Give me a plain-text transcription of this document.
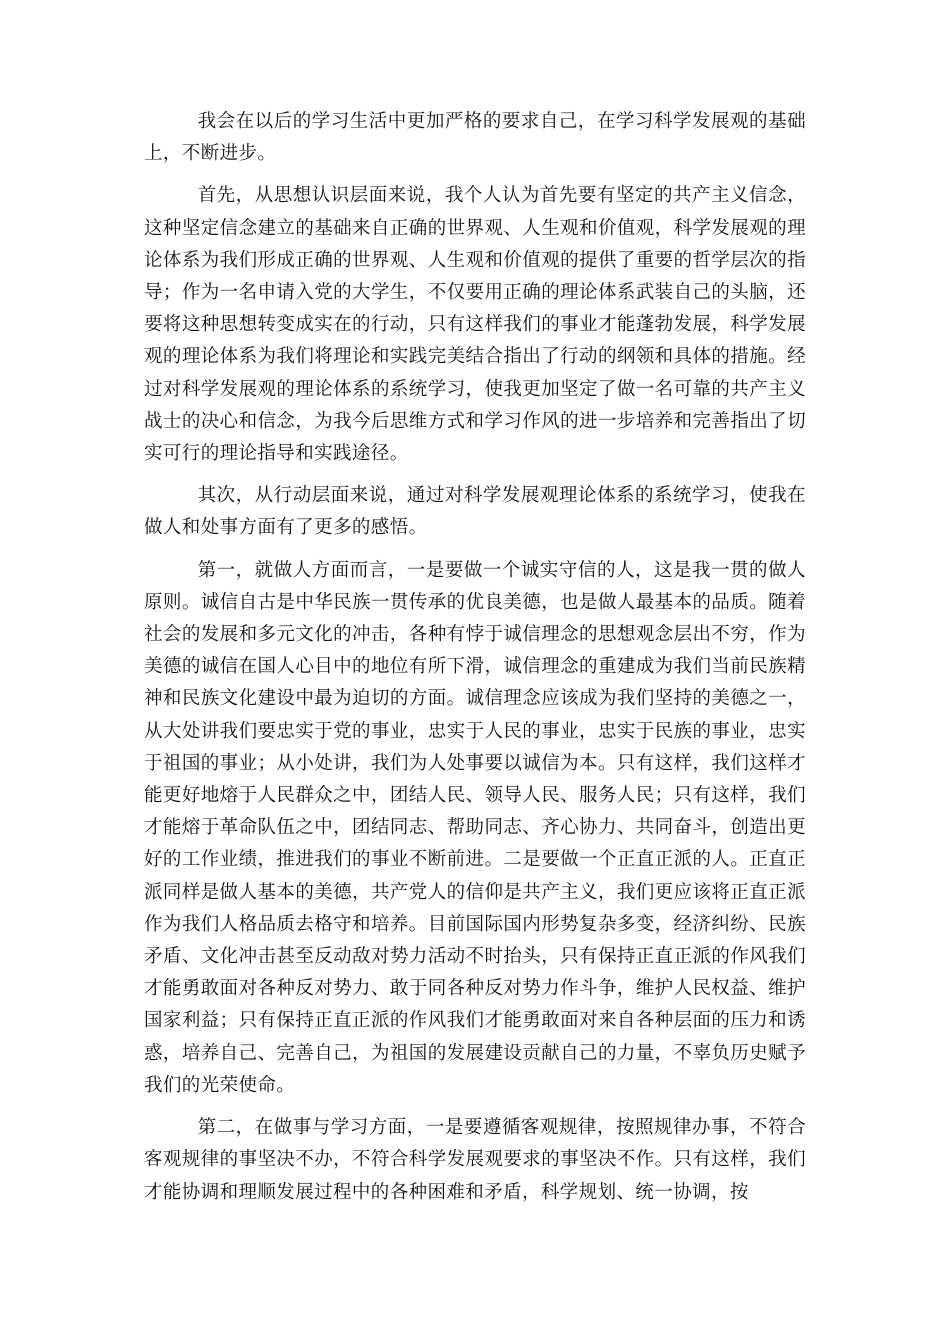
我会在以后的学习生活中更加严格的要求自己，在学习科学发展观的基础上，不断进步。

首先，从思想认识层面来说，我个人认为首先要有坚定的共产主义信念，这种坚定信念建立的基础来自正确的世界观、人生观和价值观，科学发展观的理论体系为我们形成正确的世界观、人生观和价值观的提供了重要的哲学层次的指导；作为一名申请入党的大学生，不仅要用正确的理论体系武装自己的头脑，还要将这种思想转变成实在的行动，只有这样我们的事业才能蓬勃发展，科学发展观的理论体系为我们将理论和实践完美结合指出了行动的纲领和具体的措施。经过对科学发展观的理论体系的系统学习，使我更加坚定了做一名可靠的共产主义战士的决心和信念，为我今后思维方式和学习作风的进一步培养和完善指出了切实可行的理论指导和实践途径。

其次，从行动层面来说，通过对科学发展观理论体系的系统学习，使我在做人和处事方面有了更多的感悟。

第一，就做人方面而言，一是要做一个诚实守信的人，这是我一贯的做人原则。诚信自古是中华民族一贯传承的优良美德，也是做人最基本的品质。随着社会的发展和多元文化的冲击，各种有悖于诚信理念的思想观念层出不穷，作为美德的诚信在国人心目中的地位有所下滑，诚信理念的重建成为我们当前民族精神和民族文化建设中最为迫切的方面。诚信理念应该成为我们坚持的美德之一，从大处讲我们要忠实于党的事业，忠实于人民的事业，忠实于民族的事业，忠实于祖国的事业；从小处讲，我们为人处事要以诚信为本。只有这样，我们这样才能更好地熔于人民群众之中，团结人民、领导人民、服务人民；只有这样，我们才能熔于革命队伍之中，团结同志、帮助同志、齐心协力、共同奋斗，创造出更好的工作业绩，推进我们的事业不断前进。二是要做一个正直正派的人。正直正派同样是做人基本的美德，共产党人的信仰是共产主义，我们更应该将正直正派作为我们人格品质去格守和培养。目前国际国内形势复杂多变，经济纠纷、民族矛盾、文化冲击甚至反动敌对势力活动不时抬头，只有保持正直正派的作风我们才能勇敢面对各种反对势力、敢于同各种反对势力作斗争，维护人民权益、维护国家利益；只有保持正直正派的作风我们才能勇敢面对来自各种层面的压力和诱惑，培养自己、完善自己，为祖国的发展建设贡献自己的力量，不辜负历史赋予我们的光荣使命。

第二，在做事与学习方面，一是要遵循客观规律，按照规律办事，不符合客观规律的事坚决不办，不符合科学发展观要求的事坚决不作。只有这样，我们才能协调和理顺发展过程中的各种困难和矛盾，科学规划、统一协调，按
